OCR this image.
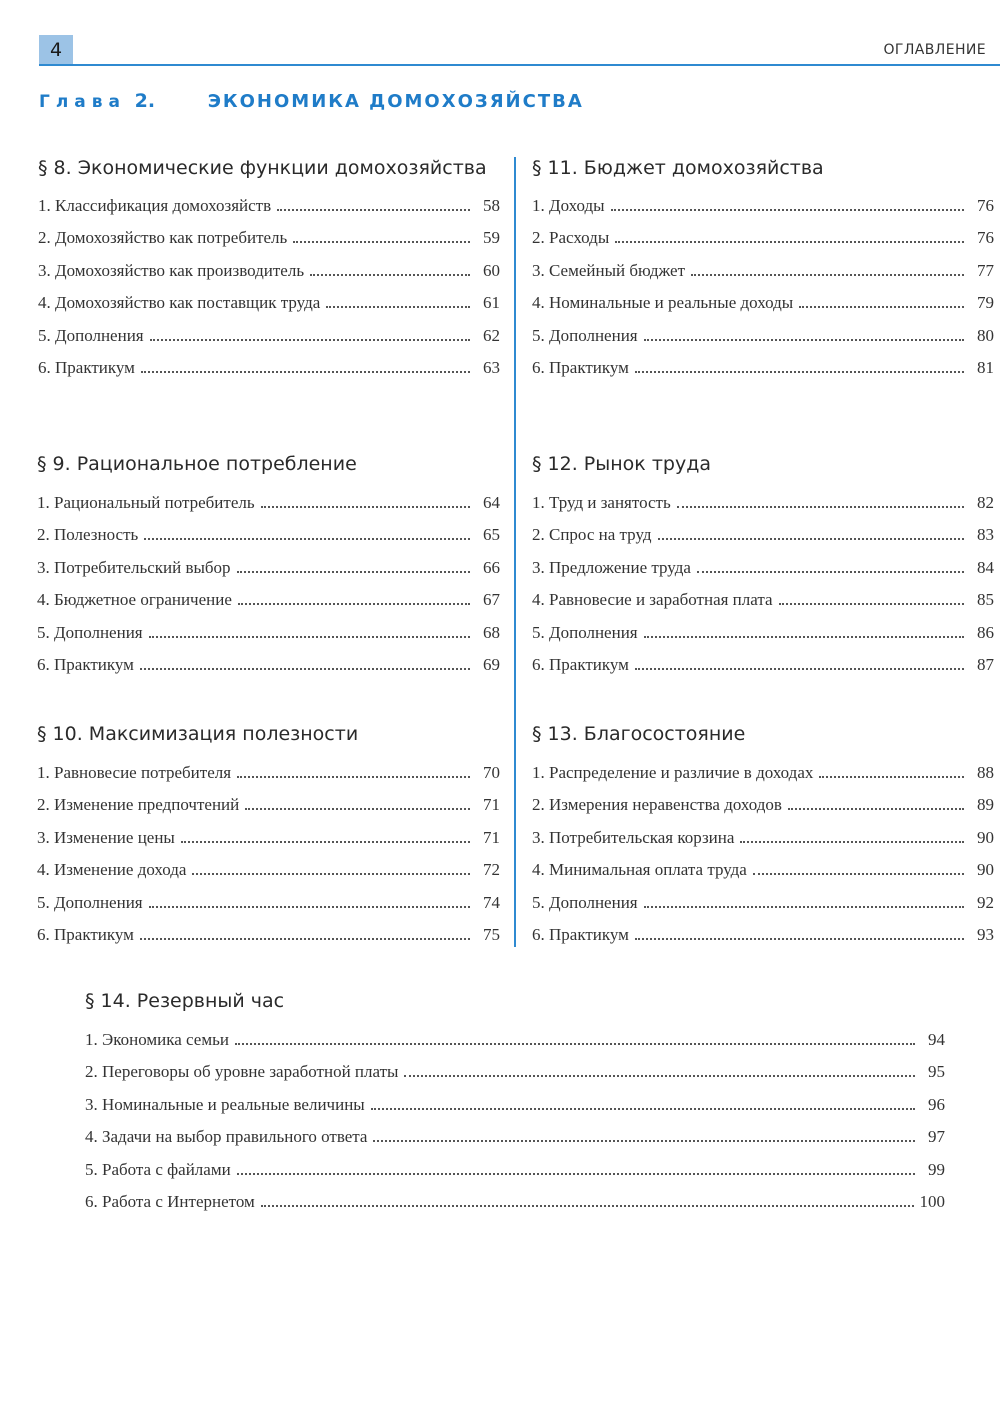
4	ОГЛАВЛЕНИЕ
Глава 2.	ЭКОНОМИКА ДОМОХОЗЯЙСТВА
§ 8. Экономические функции домохозяйства
1. Классификация домохозяйств	58
2. Домохозяйство как потребитель	59
3. Домохозяйство как производитель	60
4. Домохозяйство как поставщик труда	61
5. Дополнения	62
6. Практикум	63
§ 11. Бюджет домохозяйства
1. Доходы	76
2. Расходы	76
3. Семейный бюджет	77
4. Номинальные и реальные доходы	79
5. Дополнения	80
6. Практикум	81
§ 9. Рациональное потребление
1. Рациональный потребитель	64
2. Полезность	65
3. Потребительский выбор	66
4. Бюджетное ограничение	67
5. Дополнения	68
6. Практикум	69
§ 12. Рынок труда
1. Труд и занятость	82
2. Спрос на труд	83
3. Предложение труда	84
4. Равновесие и заработная плата	85
5. Дополнения	86
6. Практикум	87
§ 10. Максимизация полезности
1. Равновесие потребителя	70
2. Изменение предпочтений	71
3. Изменение цены	71
4. Изменение дохода	72
5. Дополнения	74
6. Практикум	75
§ 13. Благосостояние
1. Распределение и различие в доходах	88
2. Измерения неравенства доходов	89
3. Потребительская корзина	90
4. Минимальная оплата труда	90
5. Дополнения	92
6. Практикум	93
§ 14. Резервный час
1. Экономика семьи	94
2. Переговоры об уровне заработной платы	95
3. Номинальные и реальные величины	96
4. Задачи на выбор правильного ответа	97
5. Работа с файлами	99
6. Работа с Интернетом	100
